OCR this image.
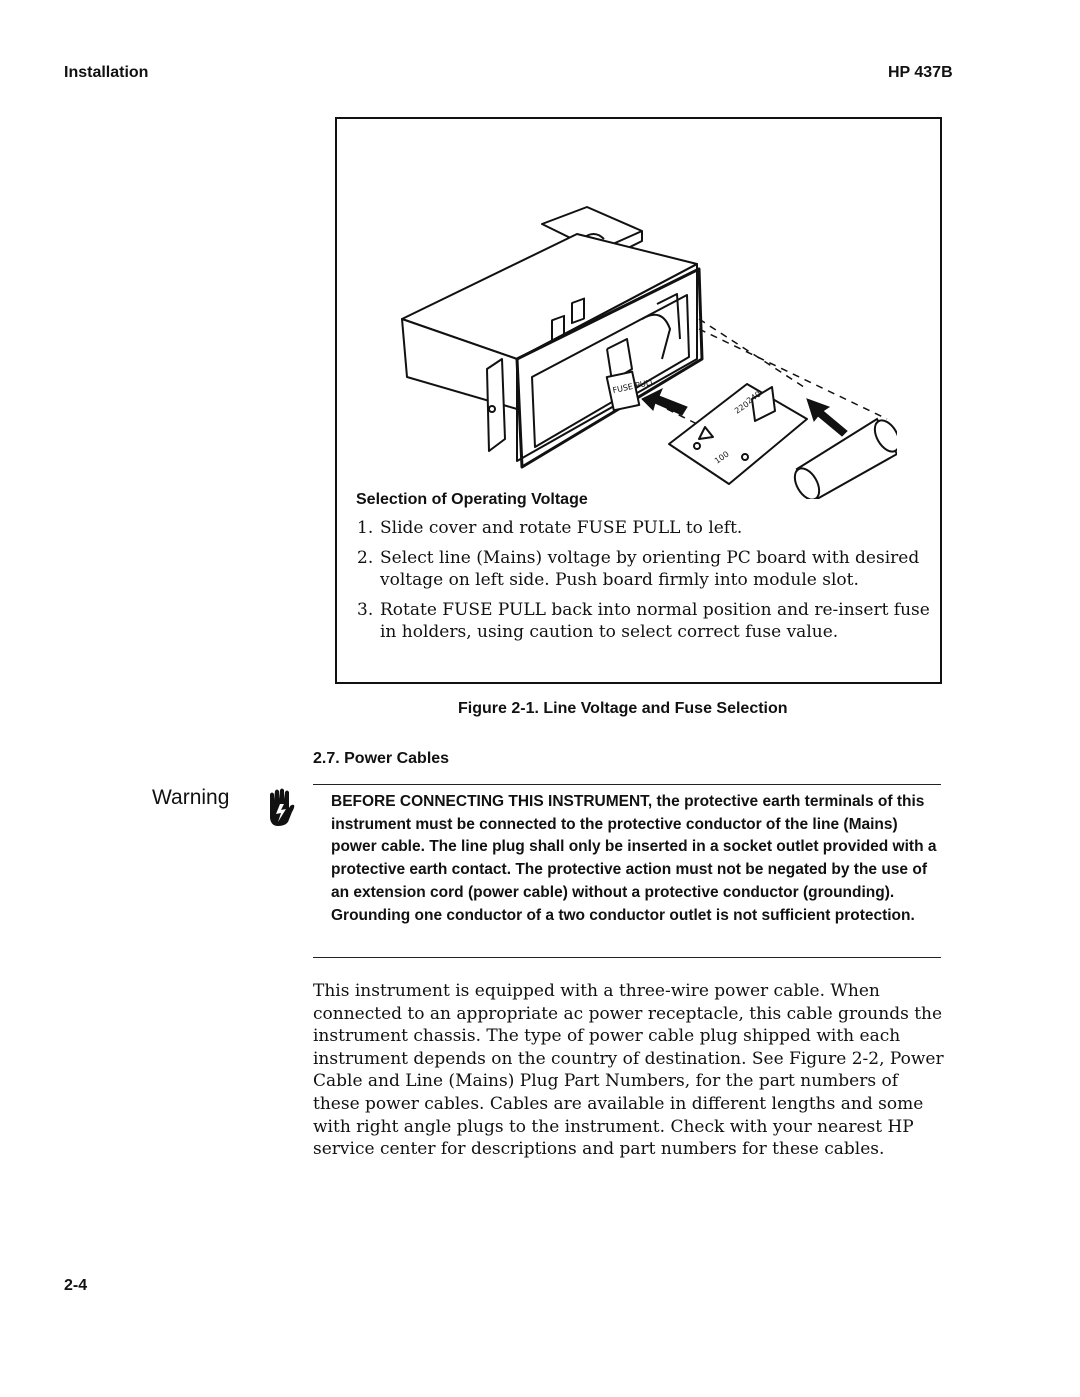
Installation	HP 437B
FUSE PULL
100
220
240
Selection of Operating Voltage
1. Slide cover and rotate FUSE PULL to left.
2. Select line (Mains) voltage by orienting PC board with desired voltage on left side. Push board firmly into module slot.
3. Rotate FUSE PULL back into normal position and re-insert fuse in holders, using caution to select correct fuse value.
Figure 2-1. Line Voltage and Fuse Selection
2.7. Power Cables
Warning	BEFORE CONNECTING THIS INSTRUMENT, the protective earth terminals of this instrument must be connected to the protective conductor of the line (Mains) power cable. The line plug shall only be inserted in a socket outlet provided with a protective earth contact. The protective action must not be negated by the use of an extension cord (power cable) without a protective conductor (grounding). Grounding one conductor of a two conductor outlet is not sufficient protection.
This instrument is equipped with a three-wire power cable. When connected to an appropriate ac power receptacle, this cable grounds the instrument chassis. The type of power cable plug shipped with each instrument depends on the country of destination. See Figure 2-2, Power Cable and Line (Mains) Plug Part Numbers, for the part numbers of these power cables. Cables are available in different lengths and some with right angle plugs to the instrument. Check with your nearest HP service center for descriptions and part numbers for these cables.
2-4
